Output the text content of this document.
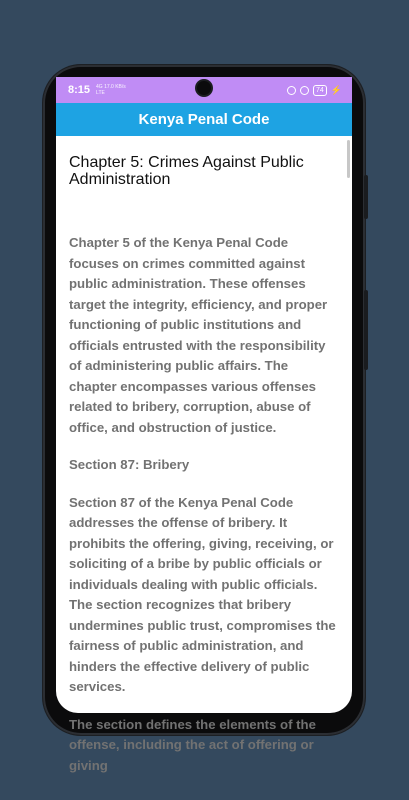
8:15 4G 17.0 KB/s LTE	74 ⚡
Kenya Penal Code
Chapter 5: Crimes Against Public Administration

Chapter 5 of the Kenya Penal Code focuses on crimes committed against public administration. These offenses target the integrity, efficiency, and proper functioning of public institutions and officials entrusted with the responsibility of administering public affairs. The chapter encompasses various offenses related to bribery, corruption, abuse of office, and obstruction of justice.

Section 87: Bribery

Section 87 of the Kenya Penal Code addresses the offense of bribery. It prohibits the offering, giving, receiving, or soliciting of a bribe by public officials or individuals dealing with public officials. The section recognizes that bribery undermines public trust, compromises the fairness of public administration, and hinders the effective delivery of public services.

The section defines the elements of the offense, including the act of offering or giving
